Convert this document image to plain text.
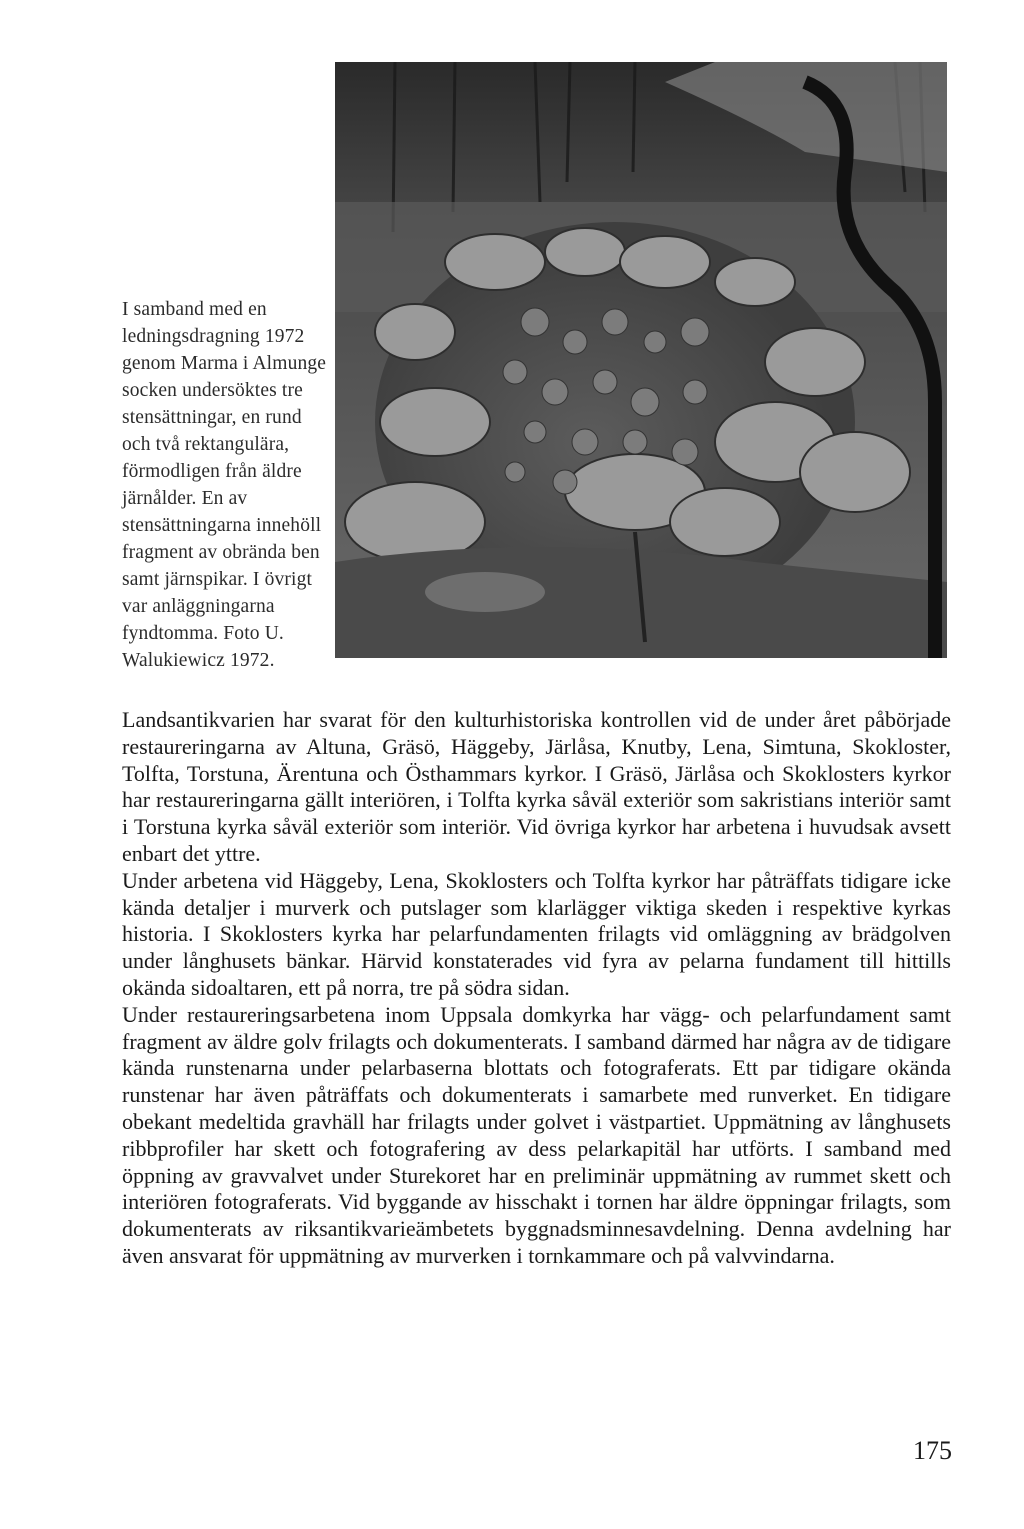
I samband med en ledningsdragning 1972 genom Marma i Almunge socken undersöktes tre stensättningar, en rund och två rektangulära, förmodligen från äldre järnålder. En av stensättningarna innehöll fragment av obrända ben samt järnspikar. I övrigt var anläggningarna fyndtomma. Foto U. Walukiewicz 1972.

Landsantikvarien har svarat för den kulturhistoriska kontrollen vid de under året påbörjade restaureringarna av Altuna, Gräsö, Häggeby, Järlåsa, Knutby, Lena, Simtuna, Skokloster, Tolfta, Torstuna, Ärentuna och Östhammars kyrkor. I Gräsö, Järlåsa och Skoklosters kyrkor har restaureringarna gällt interiören, i Tolfta kyrka såväl exteriör som sakristians interiör samt i Torstuna kyrka såväl exteriör som interiör. Vid övriga kyrkor har arbetena i huvudsak avsett enbart det yttre.

Under arbetena vid Häggeby, Lena, Skoklosters och Tolfta kyrkor har påträffats tidigare icke kända detaljer i murverk och putslager som klarlägger viktiga skeden i respektive kyrkas historia. I Skoklosters kyrka har pelarfundamenten frilagts vid omläggning av brädgolven under långhusets bänkar. Härvid konstaterades vid fyra av pelarna fundament till hittills okända sidoaltaren, ett på norra, tre på södra sidan.

Under restaureringsarbetena inom Uppsala domkyrka har vägg- och pelarfundament samt fragment av äldre golv frilagts och dokumenterats. I samband därmed har några av de tidigare kända runstenarna under pelarbaserna blottats och fotograferats. Ett par tidigare okända runstenar har även påträffats och dokumenterats i samarbete med runverket. En tidigare obekant medeltida gravhäll har frilagts under golvet i västpartiet. Uppmätning av långhusets ribbprofiler har skett och fotografering av dess pelarkapitäl har utförts. I samband med öppning av gravvalvet under Sturekoret har en preliminär uppmätning av rummet skett och interiören fotograferats. Vid byggande av hisschakt i tornen har äldre öppningar frilagts, som dokumenterats av riksantikvarieämbetets byggnadsminnesavdelning. Denna avdelning har även ansvarat för uppmätning av murverken i tornkammare och på valvvindarna.

175
